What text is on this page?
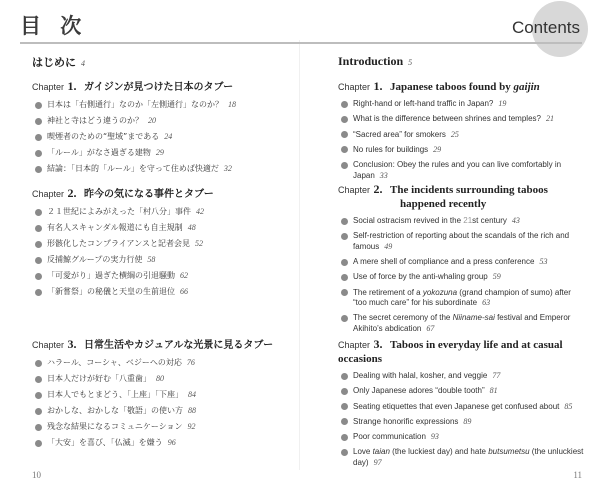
目 次
はじめに 4
Chapter 1. ガイジンが見つけた日本のタブー
日本は「右側通行」なのか「左側通行」なのか？ 18
神社と寺はどう違うのか？ 20
喫煙者のための“聖域”まである 24
「ルール」がなさ過ぎる建物 29
結論：「日本的「ルール」を守って住めば快適だ 32
Chapter 2. 昨今の気になる事件とタブー
２１世紀によみがえった「村八分」事件 42
有名人スキャンダル報道にも自主規制 48
形骸化したコンプライアンスと記者会見 52
反捕鯨グループの実力行使 58
「可愛がり」過ぎた横綱の引退騒動 62
「新嘗祭」の秘儀と天皇の生前退位 66
Chapter 3. 日常生活やカジュアルな光景に見るタブー
ハラール、コーシャ、ベジーへの対応 76
日本人だけが好む「八重歯」 80
日本人でもとまどう、「上座」「下座」 84
おかしな、おかしな「敬語」の使い方 88
残念な結果になるコミュニケーション 92
「大安」を喜び、「仏滅」を嫌う 96
10
Contents
Introduction 5
Chapter 1. Japanese taboos found by gaijin
Right-hand or left-hand traffic in Japan? 19
What is the difference between shrines and temples? 21
“Sacred area” for smokers 25
No rules for buildings 29
Conclusion: Obey the rules and you can live comfortably in Japan 33
Chapter 2. The incidents surrounding taboos
happened recently
Social ostracism revived in the 21st century 43
Self-restriction of reporting about the scandals of the rich and famous 49
A mere shell of compliance and a press conference 53
Use of force by the anti-whaling group 59
The retirement of a yokozuna (grand champion of sumo) after “too much care” for his subordinate 63
The secret ceremony of the Niiname-sai festival and Emperor Akihito’s abdication 67
Chapter 3. Taboos in everyday life and at casual occasions
Dealing with halal, kosher, and veggie 77
Only Japanese adores “double tooth” 81
Seating etiquettes that even Japanese get confused about 85
Strange honorific expressions 89
Poor communication 93
Love taian (the luckiest day) and hate butsumetsu (the unluckiest day) 97
11
